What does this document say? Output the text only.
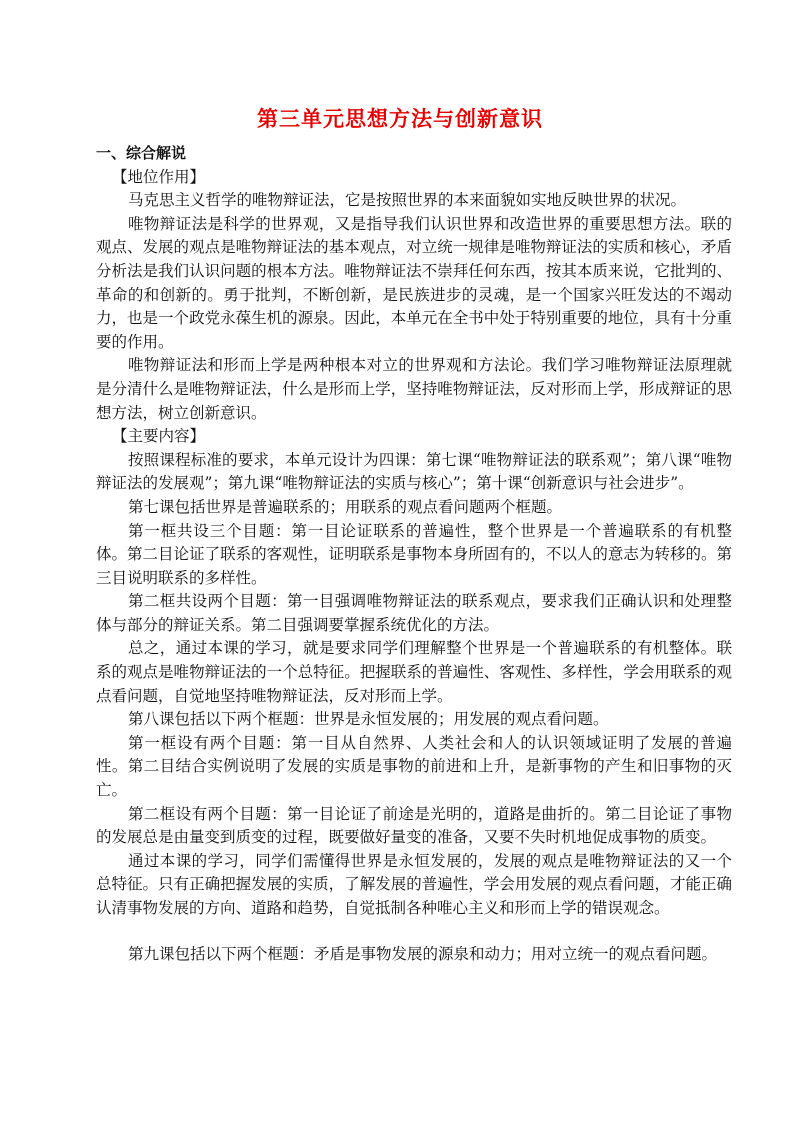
第三单元思想方法与创新意识
一、综合解说
【地位作用】

马克思主义哲学的唯物辩证法，它是按照世界的本来面貌如实地反映世界的状况。

唯物辩证法是科学的世界观，又是指导我们认识世界和改造世界的重要思想方法。联的观点、发展的观点是唯物辩证法的基本观点，对立统一规律是唯物辩证法的实质和核心，矛盾分析法是我们认识问题的根本方法。唯物辩证法不崇拜任何东西，按其本质来说，它批判的、革命的和创新的。勇于批判，不断创新，是民族进步的灵魂，是一个国家兴旺发达的不竭动力，也是一个政党永葆生机的源泉。因此，本单元在全书中处于特别重要的地位，具有十分重要的作用。

唯物辩证法和形而上学是两种根本对立的世界观和方法论。我们学习唯物辩证法原理就是分清什么是唯物辩证法，什么是形而上学，坚持唯物辩证法，反对形而上学，形成辩证的思想方法，树立创新意识。

【主要内容】

按照课程标准的要求，本单元设计为四课：第七课“唯物辩证法的联系观”；第八课“唯物辩证法的发展观”；第九课“唯物辩证法的实质与核心”；第十课“创新意识与社会进步”。

第七课包括世界是普遍联系的；用联系的观点看问题两个框题。

第一框共设三个目题：第一目论证联系的普遍性，整个世界是一个普遍联系的有机整体。第二目论证了联系的客观性，证明联系是事物本身所固有的，不以人的意志为转移的。第三目说明联系的多样性。

第二框共设两个目题：第一目强调唯物辩证法的联系观点，要求我们正确认识和处理整体与部分的辩证关系。第二目强调要掌握系统优化的方法。

总之，通过本课的学习，就是要求同学们理解整个世界是一个普遍联系的有机整体。联系的观点是唯物辩证法的一个总特征。把握联系的普遍性、客观性、多样性，学会用联系的观点看问题，自觉地坚持唯物辩证法，反对形而上学。

第八课包括以下两个框题：世界是永恒发展的；用发展的观点看问题。

第一框设有两个目题：第一目从自然界、人类社会和人的认识领域证明了发展的普遍性。第二目结合实例说明了发展的实质是事物的前进和上升，是新事物的产生和旧事物的灭亡。

第二框设有两个目题：第一目论证了前途是光明的，道路是曲折的。第二目论证了事物的发展总是由量变到质变的过程，既要做好量变的准备，又要不失时机地促成事物的质变。

通过本课的学习，同学们需懂得世界是永恒发展的，发展的观点是唯物辩证法的又一个总特征。只有正确把握发展的实质，了解发展的普遍性，学会用发展的观点看问题，才能正确认清事物发展的方向、道路和趋势，自觉抵制各种唯心主义和形而上学的错误观念。

第九课包括以下两个框题：矛盾是事物发展的源泉和动力；用对立统一的观点看问题。
